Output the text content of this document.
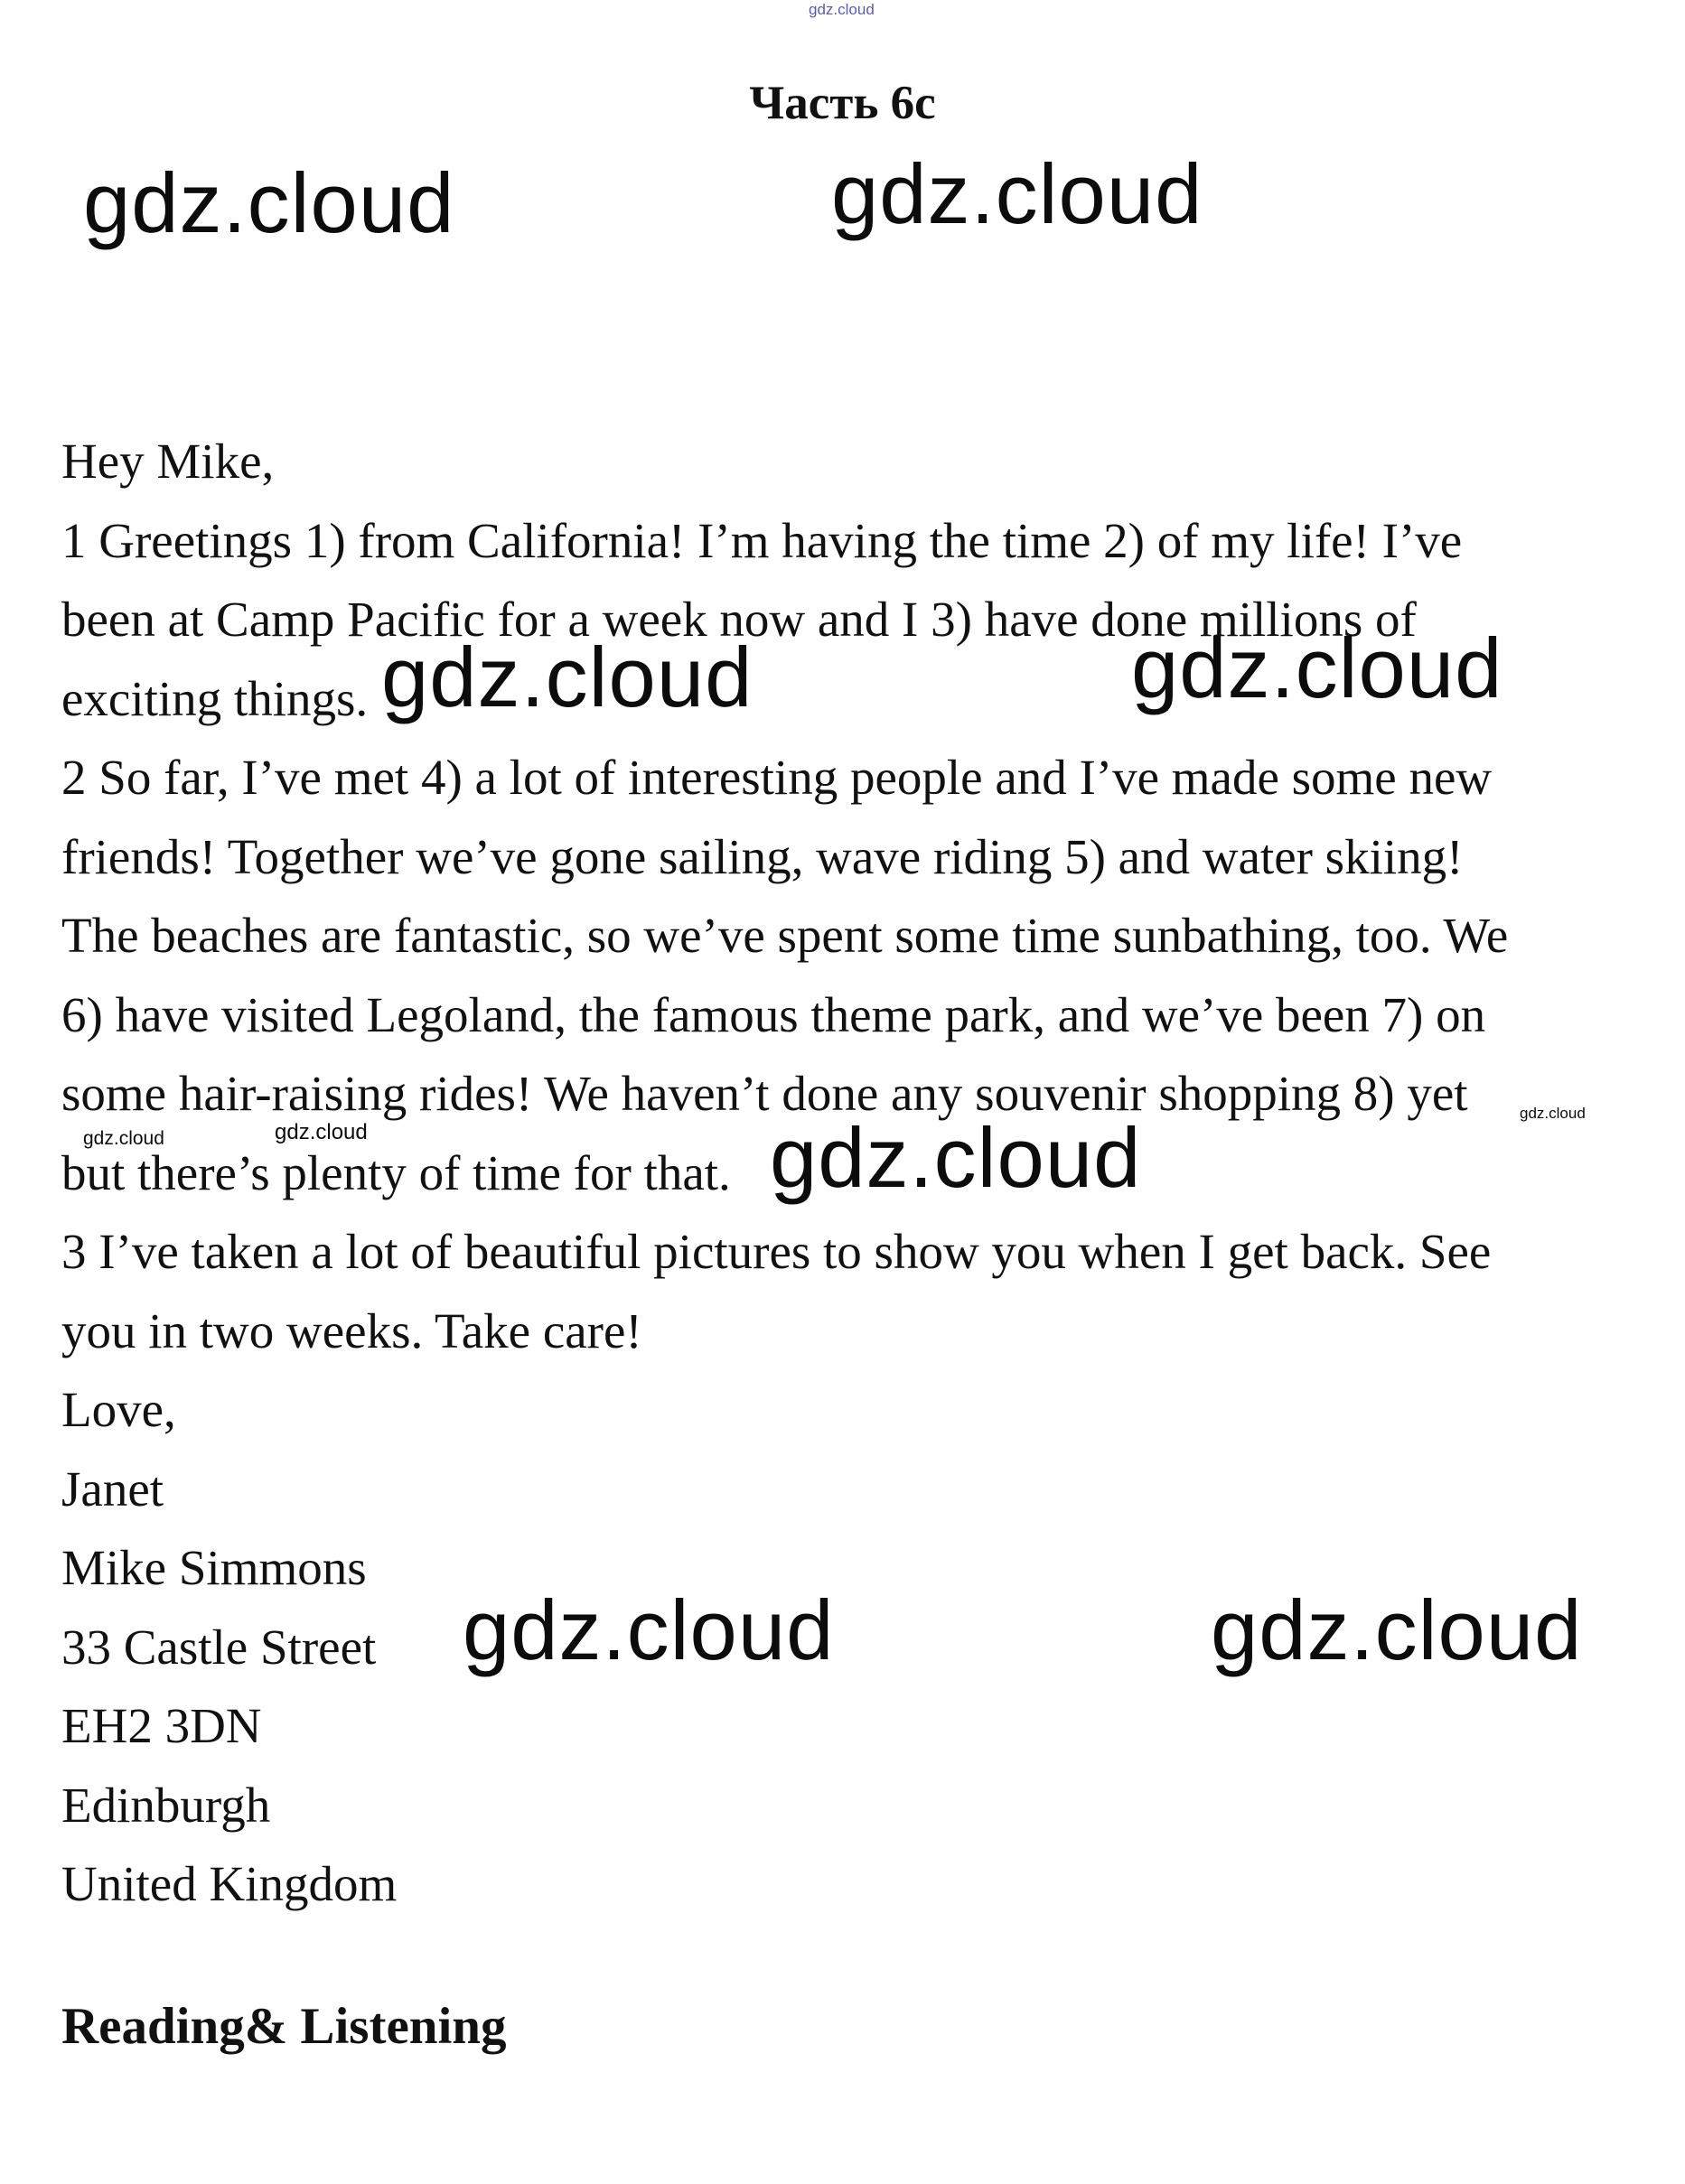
gdz.cloud
Часть 6c
Hey Mike,
1 Greetings 1) from California! I’m having the time 2) of my life! I’ve
been at Camp Pacific for a week now and I 3) have done millions of
exciting things.
2 So far, I’ve met 4) a lot of interesting people and I’ve made some new
friends! Together we’ve gone sailing, wave riding 5) and water skiing!
The beaches are fantastic, so we’ve spent some time sunbathing, too. We
6) have visited Legoland, the famous theme park, and we’ve been 7) on
some hair-raising rides! We haven’t done any souvenir shopping 8) yet
but there’s plenty of time for that.
3 I’ve taken a lot of beautiful pictures to show you when I get back. See
you in two weeks. Take care!
Love,
Janet
Mike Simmons
33 Castle Street
EH2 3DN
Edinburgh
United Kingdom
Reading& Listening
gdz.cloud	gdz.cloud
gdz.cloud	gdz.cloud
gdz.cloud
gdz.cloud	gdz.cloud
gdz.cloud	gdz.cloud
gdz.cloud
